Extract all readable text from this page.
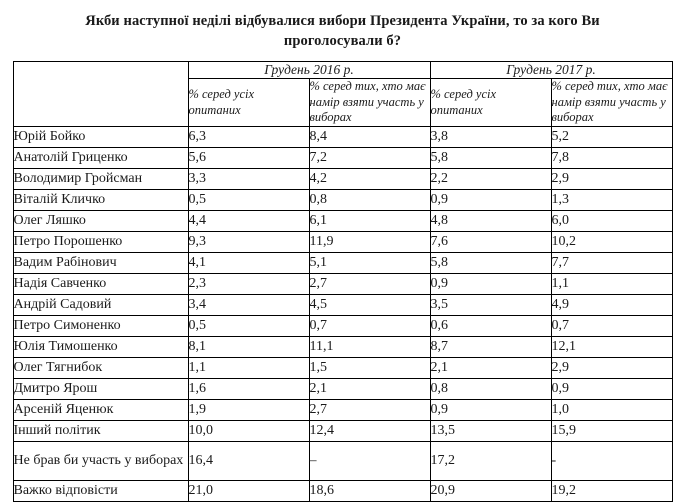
Якби наступної неділі відбувалися вибори Президента України, то за кого Ви проголосували б?
	Грудень 2016 р.		Грудень 2017 р.	
	% серед усіх опитаних	% серед тих, хто має намір взяти участь у виборах	% серед усіх опитаних	% серед тих, хто має намір взяти участь у виборах
Юрій Бойко	6,3	8,4	3,8	5,2
Анатолій Гриценко	5,6	7,2	5,8	7,8
Володимир Гройсман	3,3	4,2	2,2	2,9
Віталій Кличко	0,5	0,8	0,9	1,3
Олег Ляшко	4,4	6,1	4,8	6,0
Петро Порошенко	9,3	11,9	7,6	10,2
Вадим Рабінович	4,1	5,1	5,8	7,7
Надія Савченко	2,3	2,7	0,9	1,1
Андрій Садовий	3,4	4,5	3,5	4,9
Петро Симоненко	0,5	0,7	0,6	0,7
Юлія Тимошенко	8,1	11,1	8,7	12,1
Олег Тягнибок	1,1	1,5	2,1	2,9
Дмитро Ярош	1,6	2,1	0,8	0,9
Арсеній Яценюк	1,9	2,7	0,9	1,0
Інший політик	10,0	12,4	13,5	15,9
Не брав би участь у виборах	16,4	–	17,2	-
Важко відповісти	21,0	18,6	20,9	19,2
